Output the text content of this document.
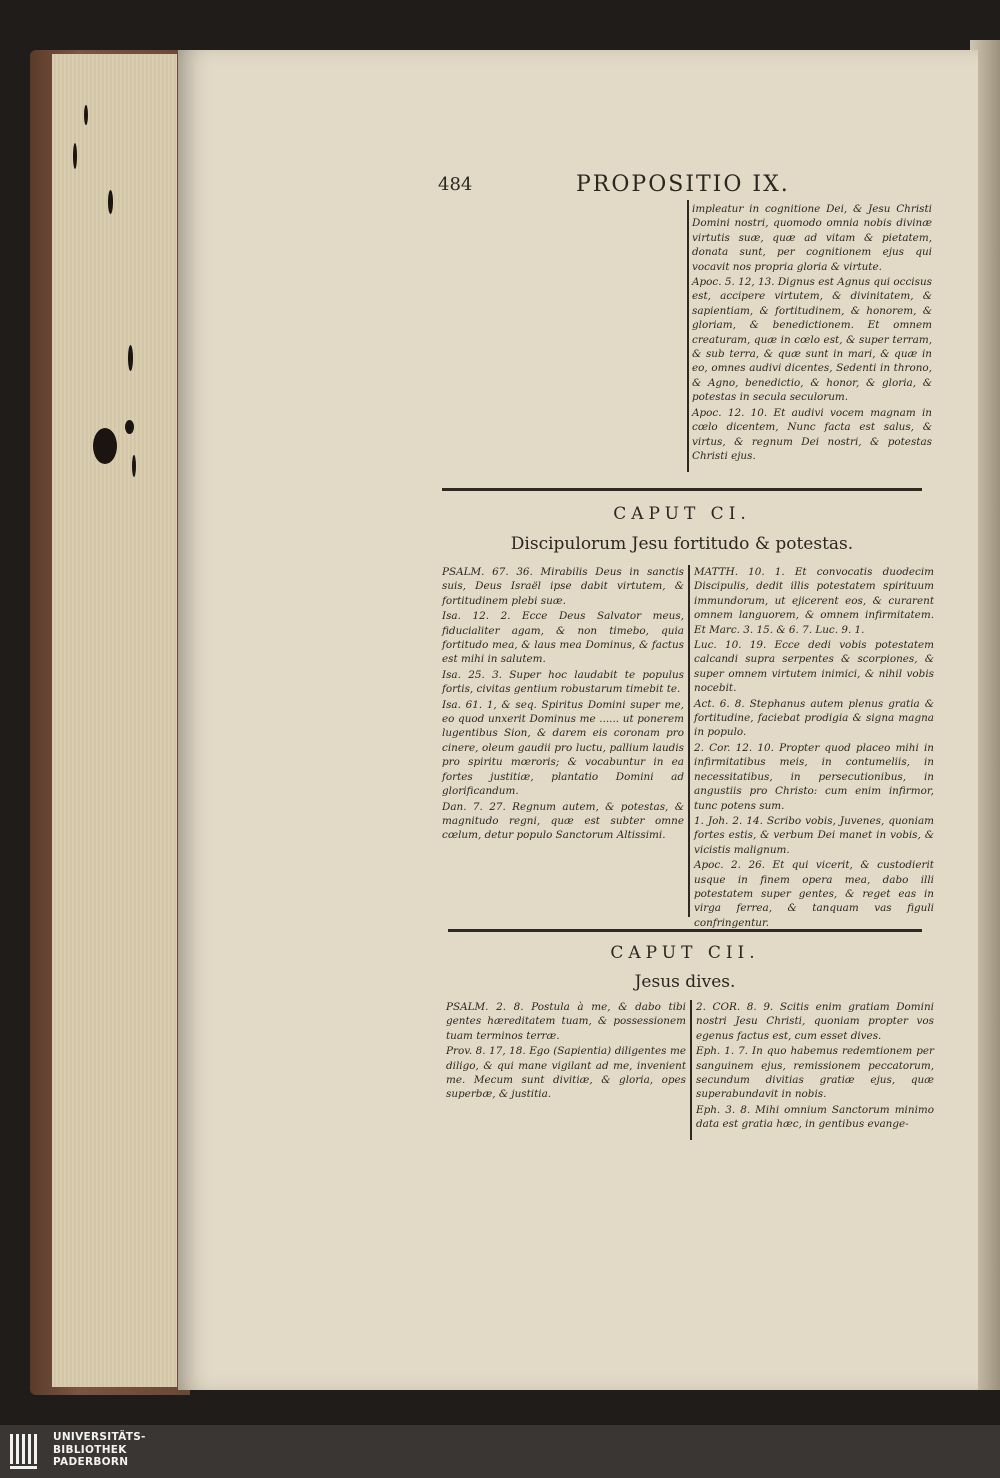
484	PROPOSITIO IX.

impleatur in cognitione Dei, & Jesu Christi Domini nostri, quomodo omnia nobis divinæ virtutis suæ, quæ ad vitam & pietatem, donata sunt, per cognitionem ejus qui vocavit nos propria gloria & virtute.

Apoc. 5. 12, 13. Dignus est Agnus qui occisus est, accipere virtutem, & divinitatem, & sapientiam, & fortitudinem, & honorem, & gloriam, & benedictionem. Et omnem creaturam, quæ in cœlo est, & super terram, & sub terra, & quæ sunt in mari, & quæ in eo, omnes audivi dicentes, Sedenti in throno, & Agno, benedictio, & honor, & gloria, & potestas in secula seculorum.

Apoc. 12. 10. Et audivi vocem magnam in cœlo dicentem, Nunc facta est salus, & virtus, & regnum Dei nostri, & potestas Christi ejus.

CAPUT CI.
Discipulorum Jesu fortitudo & potestas.

PSALM. 67. 36. Mirabilis Deus in sanctis suis, Deus Israël ipse dabit virtutem, & fortitudinem plebi suæ.

Isa. 12. 2. Ecce Deus Salvator meus, fiducialiter agam, & non timebo, quia fortitudo mea, & laus mea Dominus, & factus est mihi in salutem.

Isa. 25. 3. Super hoc laudabit te populus fortis, civitas gentium robustarum timebit te.

Isa. 61. 1, & seq. Spiritus Domini super me, eo quod unxerit Dominus me ...... ut ponerem lugentibus Sion, & darem eis coronam pro cinere, oleum gaudii pro luctu, pallium laudis pro spiritu mœroris; & vocabuntur in ea fortes justitiæ, plantatio Domini ad glorificandum.

Dan. 7. 27. Regnum autem, & potestas, & magnitudo regni, quæ est subter omne cœlum, detur populo Sanctorum Altissimi.

MATTH. 10. 1. Et convocatis duodecim Discipulis, dedit illis potestatem spirituum immundorum, ut ejicerent eos, & curarent omnem languorem, & omnem infirmitatem. Et Marc. 3. 15. & 6. 7. Luc. 9. 1.

Luc. 10. 19. Ecce dedi vobis potestatem calcandi supra serpentes & scorpiones, & super omnem virtutem inimici, & nihil vobis nocebit.

Act. 6. 8. Stephanus autem plenus gratia & fortitudine, faciebat prodigia & signa magna in populo.

2. Cor. 12. 10. Propter quod placeo mihi in infirmitatibus meis, in contumeliis, in necessitatibus, in persecutionibus, in angustiis pro Christo: cum enim infirmor, tunc potens sum.

1. Joh. 2. 14. Scribo vobis, Juvenes, quoniam fortes estis, & verbum Dei manet in vobis, & vicistis malignum.

Apoc. 2. 26. Et qui vicerit, & custodierit usque in finem opera mea, dabo illi potestatem super gentes, & reget eas in virga ferrea, & tanquam vas figuli confringentur.

CAPUT CII.
Jesus dives.

PSALM. 2. 8. Postula à me, & dabo tibi gentes hæreditatem tuam, & possessionem tuam terminos terræ.

Prov. 8. 17, 18. Ego (Sapientia) diligentes me diligo, & qui mane vigilant ad me, invenient me. Mecum sunt divitiæ, & gloria, opes superbæ, & justitia.

2. COR. 8. 9. Scitis enim gratiam Domini nostri Jesu Christi, quoniam propter vos egenus factus est, cum esset dives.

Eph. 1. 7. In quo habemus redemtionem per sanguinem ejus, remissionem peccatorum, secundum divitias gratiæ ejus, quæ superabundavit in nobis.

Eph. 3. 8. Mihi omnium Sanctorum minimo data est gratia hæc, in gentibus evange-

UNIVERSITÄTS-
BIBLIOTHEK
PADERBORN
